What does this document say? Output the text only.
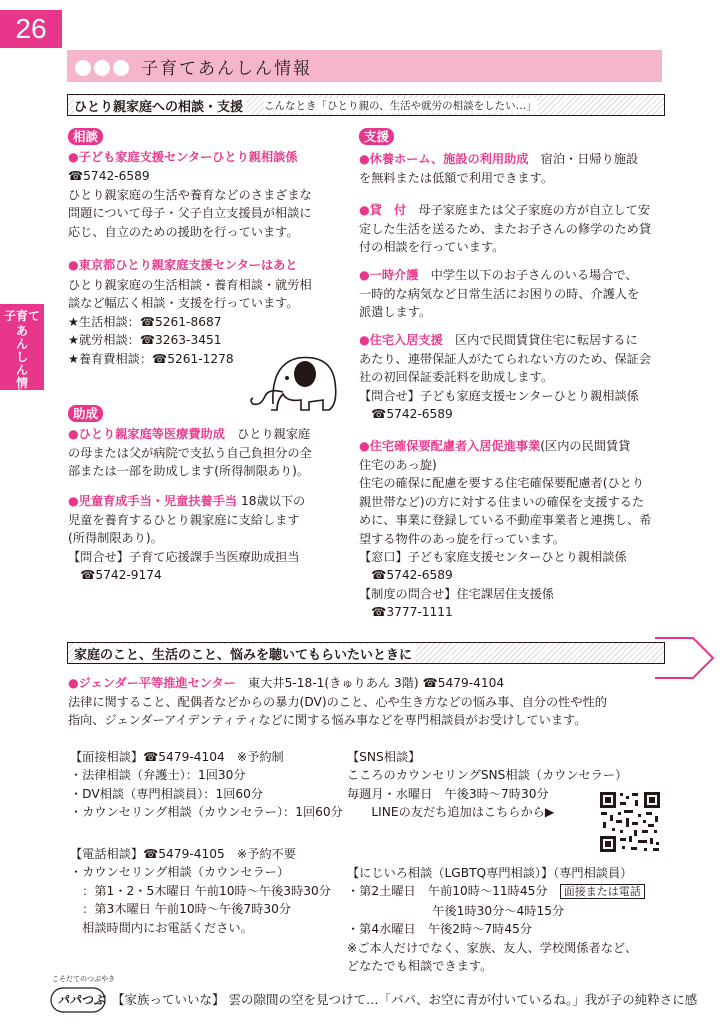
26
子育てあんしん情報
子育て
あんしん情報
ひとり親家庭への相談・支援	こんなとき「ひとり親の、生活や就労の相談をしたい…」
相談
●子ども家庭支援センターひとり親相談係
☎5742-6589
ひとり親家庭の生活や養育などのさまざまな
問題について母子・父子自立支援員が相談に
応じ、自立のための援助を行っています。
●東京都ひとり親家庭支援センターはあと
ひとり親家庭の生活相談・養育相談・就労相
談など幅広く相談・支援を行っています。
★生活相談：☎5261-8687
★就労相談：☎3263-3451
★養育費相談：☎5261-1278
助成
●ひとり親家庭等医療費助成　ひとり親家庭
の母または父が病院で支払う自己負担分の全
部または一部を助成します(所得制限あり)。
●児童育成手当・児童扶養手当 18歳以下の
児童を養育するひとり親家庭に支給します
(所得制限あり)。
【問合せ】子育て応援課手当医療助成担当
　☎5742-9174
支援
●休養ホーム、施設の利用助成　宿泊・日帰り施設
を無料または低額で利用できます。
●貸　付　母子家庭または父子家庭の方が自立して安
定した生活を送るため、またお子さんの修学のため貸
付の相談を行っています。
●一時介護　中学生以下のお子さんのいる場合で、
一時的な病気など日常生活にお困りの時、介護人を
派遣します。
●住宅入居支援　区内で民間賃貸住宅に転居するに
あたり、連帯保証人がたてられない方のため、保証会
社の初回保証委託料を助成します。
【問合せ】子ども家庭支援センターひとり親相談係
　☎5742-6589
●住宅確保要配慮者入居促進事業(区内の民間賃貸
住宅のあっ旋)
住宅の確保に配慮を要する住宅確保要配慮者(ひとり
親世帯など)の方に対する住まいの確保を支援するた
めに、事業に登録している不動産事業者と連携し、希
望する物件のあっ旋を行っています。
【窓口】子ども家庭支援センターひとり親相談係
　☎5742-6589
【制度の問合せ】住宅課居住支援係
　☎3777-1111
家庭のこと、生活のこと、悩みを聴いてもらいたいときに
●ジェンダー平等推進センター　東大井5-18-1(きゅりあん 3階) ☎5479-4104
法律に関すること、配偶者などからの暴力(DV)のこと、心や生き方などの悩み事、自分の性や性的
指向、ジェンダーアイデンティティなどに関する悩み事などを専門相談員がお受けしています。
【面接相談】☎5479-4104　※予約制
・法律相談（弁護士）：1回30分
・DV相談（専門相談員）：1回60分
・カウンセリング相談（カウンセラー）：1回60分
【電話相談】☎5479-4105　※予約不要
・カウンセリング相談（カウンセラー）
　：第1・2・5木曜日 午前10時〜午後3時30分
　：第3木曜日 午前10時〜午後7時30分
　相談時間内にお電話ください。
【SNS相談】
こころのカウンセリングSNS相談（カウンセラー）
毎週月・水曜日　午後3時〜7時30分
　　LINEの友だち追加はこちらから▶
【にじいろ相談（LGBTQ専門相談）】（専門相談員）
・第2土曜日　午前10時〜11時45分　 面接または電話
　　　　　　　午後1時30分〜4時15分
・第4水曜日　午後2時〜7時45分
※ご本人だけでなく、家族、友人、学校関係者など、
どなたでも相談できます。
こそだてのつぶやき
パパつぶ 【家族っていいな】 雲の隙間の空を見つけて…「パパ、お空に青が付いているね。」我が子の純粋さに感
